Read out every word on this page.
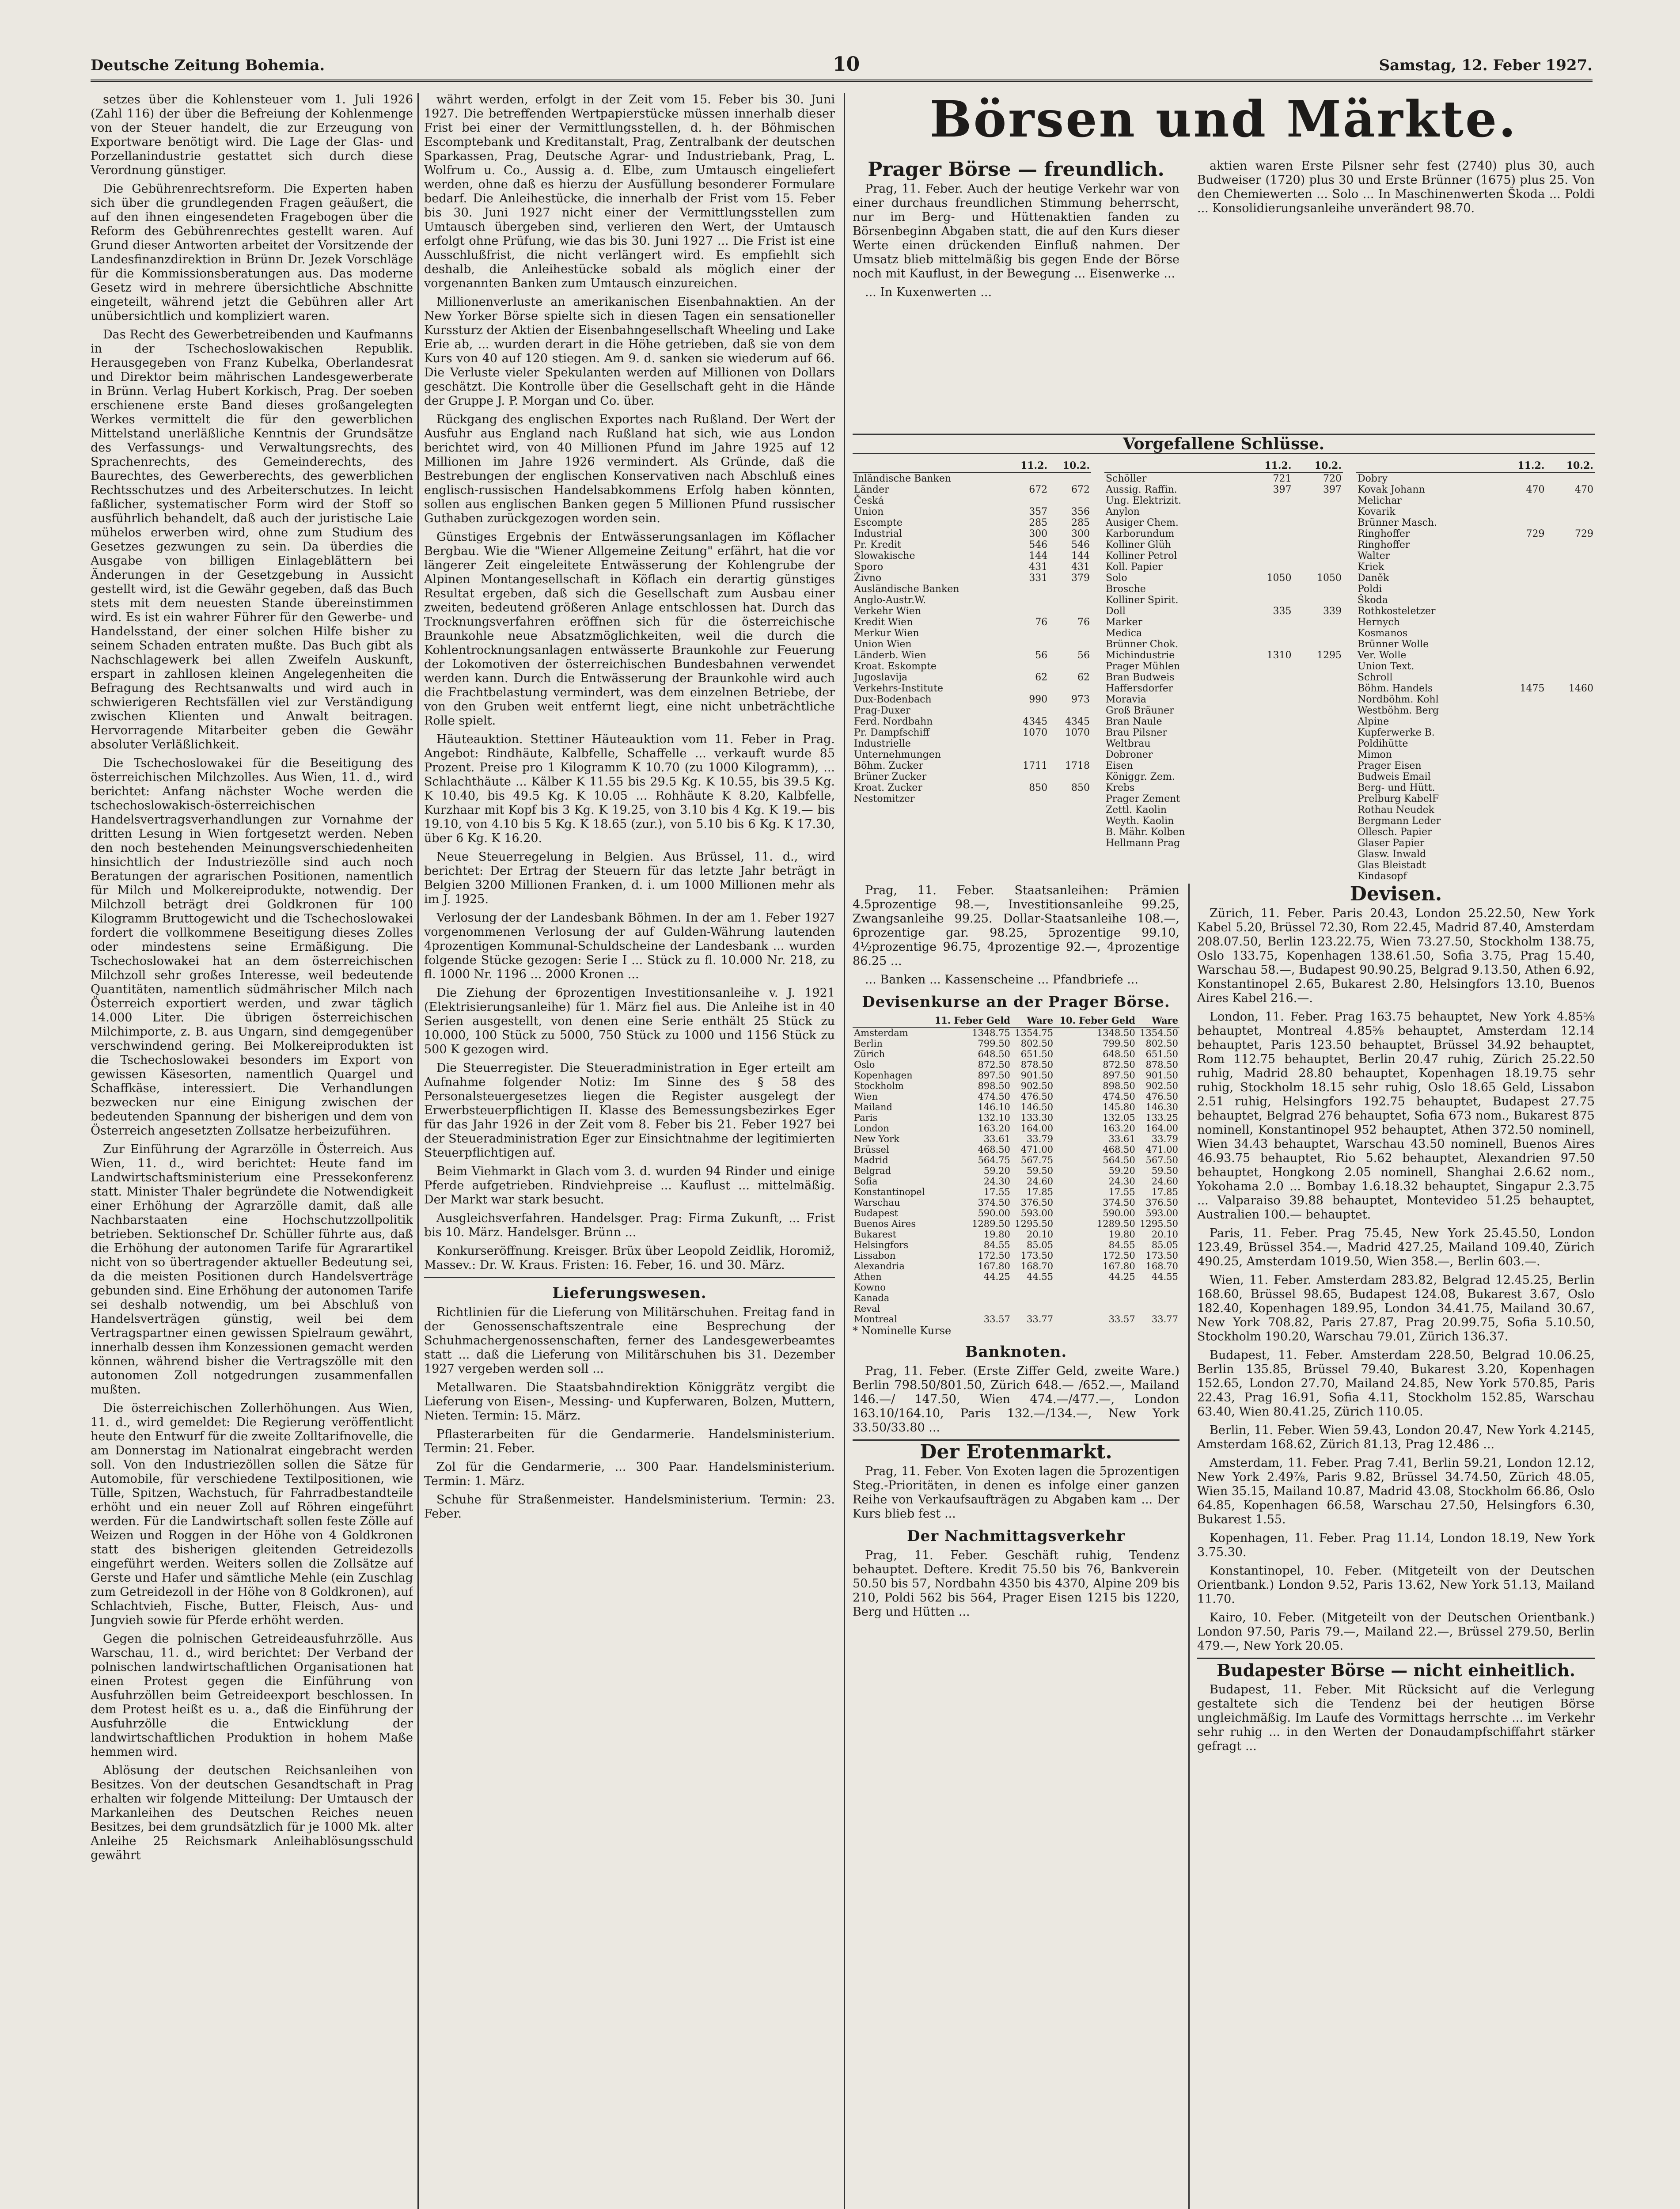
Deutsche Zeitung Bohemia.	10	Samstag, 12. Feber 1927.

setzes über die Kohlensteuer vom 1. Juli 1926 (Zahl 116) der über die Befreiung der Kohlenmenge von der Steuer handelt, die zur Erzeugung von Exportware benötigt wird. Die Lage der Glas- und Porzellanindustrie gestattet sich durch diese Verordnung günstiger.

Die Gebührenrechtsreform. Die Experten haben sich über die grundlegenden Fragen geäußert, die auf den ihnen eingesendeten Fragebogen über die Reform des Gebührenrechtes gestellt waren. Auf Grund dieser Antworten arbeitet der Vorsitzende der Landesfinanzdirektion in Brünn Dr. Jezek Vorschläge für die Kommissionsberatungen aus. Das moderne Gesetz wird in mehrere übersichtliche Abschnitte eingeteilt, während jetzt die Gebühren aller Art unübersichtlich und kompliziert waren.

Das Recht des Gewerbetreibenden und Kaufmanns in der Tschechoslowakischen Republik. Herausgegeben von Franz Kubelka, Oberlandesrat und Direktor beim mährischen Landesgewerberate in Brünn. Verlag Hubert Korkisch, Prag. Der soeben erschienene erste Band dieses großangelegten Werkes vermittelt die für den gewerblichen Mittelstand unerläßliche Kenntnis der Grundsätze des Verfassungs- und Verwaltungsrechts, des Sprachenrechts, des Gemeinderechts, des Baurechtes, des Gewerberechts, des gewerblichen Rechtsschutzes und des Arbeiterschutzes. In leicht faßlicher, systematischer Form wird der Stoff so ausführlich behandelt, daß auch der juristische Laie mühelos erwerben wird, ohne zum Studium des Gesetzes gezwungen zu sein. Da überdies die Ausgabe von billigen Einlageblättern bei Änderungen in der Gesetzgebung in Aussicht gestellt wird, ist die Gewähr gegeben, daß das Buch stets mit dem neuesten Stande übereinstimmen wird. Es ist ein wahrer Führer für den Gewerbe- und Handelsstand, der einer solchen Hilfe bisher zu seinem Schaden entraten mußte. Das Buch gibt als Nachschlagewerk bei allen Zweifeln Auskunft, erspart in zahllosen kleinen Angelegenheiten die Befragung des Rechtsanwalts und wird auch in schwierigeren Rechtsfällen viel zur Verständigung zwischen Klienten und Anwalt beitragen. Hervorragende Mitarbeiter geben die Gewähr absoluter Verläßlichkeit.

Die Tschechoslowakei für die Beseitigung des österreichischen Milchzolles. Aus Wien, 11. d., wird berichtet: Anfang nächster Woche werden die tschechoslowakisch-österreichischen Handelsvertragsverhandlungen zur Vornahme der dritten Lesung in Wien fortgesetzt werden. Neben den noch bestehenden Meinungsverschiedenheiten hinsichtlich der Industriezölle sind auch noch Beratungen der agrarischen Positionen, namentlich für Milch und Molkereiprodukte, notwendig. Der Milchzoll beträgt drei Goldkronen für 100 Kilogramm Bruttogewicht und die Tschechoslowakei fordert die vollkommene Beseitigung dieses Zolles oder mindestens seine Ermäßigung. Die Tschechoslowakei hat an dem österreichischen Milchzoll sehr großes Interesse, weil bedeutende Quantitäten, namentlich südmährischer Milch nach Österreich exportiert werden, und zwar täglich 14.000 Liter. Die übrigen österreichischen Milchimporte, z. B. aus Ungarn, sind demgegenüber verschwindend gering. Bei Molkereiprodukten ist die Tschechoslowakei besonders im Export von gewissen Käsesorten, namentlich Quargel und Schaffkäse, interessiert. Die Verhandlungen bezwecken nur eine Einigung zwischen der bedeutenden Spannung der bisherigen und dem von Österreich angesetzten Zollsatze herbeizuführen.

Zur Einführung der Agrarzölle in Österreich. Aus Wien, 11. d., wird berichtet: Heute fand im Landwirtschaftsministerium eine Pressekonferenz statt. Minister Thaler begründete die Notwendigkeit einer Erhöhung der Agrarzölle damit, daß alle Nachbarstaaten eine Hochschutzzollpolitik betrieben. Sektionschef Dr. Schüller führte aus, daß die Erhöhung der autonomen Tarife für Agrarartikel nicht von so übertragender aktueller Bedeutung sei, da die meisten Positionen durch Handelsverträge gebunden sind. Eine Erhöhung der autonomen Tarife sei deshalb notwendig, um bei Abschluß von Handelsverträgen günstig, weil bei dem Vertragspartner einen gewissen Spielraum gewährt, innerhalb dessen ihm Konzessionen gemacht werden können, während bisher die Vertragszölle mit den autonomen Zoll notgedrungen zusammenfallen mußten.

Die österreichischen Zollerhöhungen. Aus Wien, 11. d., wird gemeldet: Die Regierung veröffentlicht heute den Entwurf für die zweite Zolltarifnovelle, die am Donnerstag im Nationalrat eingebracht werden soll. Von den Industriezöllen sollen die Sätze für Automobile, für verschiedene Textilpositionen, wie Tülle, Spitzen, Wachstuch, für Fahrradbestandteile erhöht und ein neuer Zoll auf Röhren eingeführt werden. Für die Landwirtschaft sollen feste Zölle auf Weizen und Roggen in der Höhe von 4 Goldkronen statt des bisherigen gleitenden Getreidezolls eingeführt werden. Weiters sollen die Zollsätze auf Gerste und Hafer und sämtliche Mehle (ein Zuschlag zum Getreidezoll in der Höhe von 8 Goldkronen), auf Schlachtvieh, Fische, Butter, Fleisch, Aus- und Jungvieh sowie für Pferde erhöht werden.

Gegen die polnischen Getreideausfuhrzölle. Aus Warschau, 11. d., wird berichtet: Der Verband der polnischen landwirtschaftlichen Organisationen hat einen Protest gegen die Einführung von Ausfuhrzöllen beim Getreideexport beschlossen. In dem Protest heißt es u. a., daß die Einführung der Ausfuhrzölle die Entwicklung der landwirtschaftlichen Produktion in hohem Maße hemmen wird.

Ablösung der deutschen Reichsanleihen von Besitzes. Von der deutschen Gesandtschaft in Prag erhalten wir folgende Mitteilung: Der Umtausch der Markanleihen des Deutschen Reiches neuen Besitzes, bei dem grundsätzlich für je 1000 Mk. alter Anleihe 25 Reichsmark Anleihablösungsschuld gewährt

währt werden, erfolgt in der Zeit vom 15. Feber bis 30. Juni 1927. Die betreffenden Wertpapierstücke müssen innerhalb dieser Frist bei einer der Vermittlungsstellen, d. h. der Böhmischen Escomptebank und Kreditanstalt, Prag, Zentralbank der deutschen Sparkassen, Prag, Deutsche Agrar- und Industriebank, Prag, L. Wolfrum u. Co., Aussig a. d. Elbe, zum Umtausch eingeliefert werden, ohne daß es hierzu der Ausfüllung besonderer Formulare bedarf. Die Anleihestücke, die innerhalb der Frist vom 15. Feber bis 30. Juni 1927 nicht einer der Vermittlungsstellen zum Umtausch übergeben sind, verlieren den Wert, der Umtausch erfolgt ohne Prüfung, wie das bis 30. Juni 1927 ... Die Frist ist eine Ausschlußfrist, die nicht verlängert wird. Es empfiehlt sich deshalb, die Anleihestücke sobald als möglich einer der vorgenannten Banken zum Umtausch einzureichen.

Millionenverluste an amerikanischen Eisenbahnaktien. An der New Yorker Börse spielte sich in diesen Tagen ein sensationeller Kurssturz der Aktien der Eisenbahngesellschaft Wheeling und Lake Erie ab, ... wurden derart in die Höhe getrieben, daß sie von dem Kurs von 40 auf 120 stiegen. Am 9. d. sanken sie wiederum auf 66. Die Verluste vieler Spekulanten werden auf Millionen von Dollars geschätzt. Die Kontrolle über die Gesellschaft geht in die Hände der Gruppe J. P. Morgan und Co. über.

Rückgang des englischen Exportes nach Rußland. Der Wert der Ausfuhr aus England nach Rußland hat sich, wie aus London berichtet wird, von 40 Millionen Pfund im Jahre 1925 auf 12 Millionen im Jahre 1926 vermindert. Als Gründe, daß die Bestrebungen der englischen Konservativen nach Abschluß eines englisch-russischen Handelsabkommens Erfolg haben könnten, sollen aus englischen Banken gegen 5 Millionen Pfund russischer Guthaben zurückgezogen worden sein.

Günstiges Ergebnis der Entwässerungsanlagen im Köflacher Bergbau. Wie die "Wiener Allgemeine Zeitung" erfährt, hat die vor längerer Zeit eingeleitete Entwässerung der Kohlengrube der Alpinen Montangesellschaft in Köflach ein derartig günstiges Resultat ergeben, daß sich die Gesellschaft zum Ausbau einer zweiten, bedeutend größeren Anlage entschlossen hat. Durch das Trocknungsverfahren eröffnen sich für die österreichische Braunkohle neue Absatzmöglichkeiten, weil die durch die Kohlentrocknungsanlagen entwässerte Braunkohle zur Feuerung der Lokomotiven der österreichischen Bundesbahnen verwendet werden kann. Durch die Entwässerung der Braunkohle wird auch die Frachtbelastung vermindert, was dem einzelnen Betriebe, der von den Gruben weit entfernt liegt, eine nicht unbeträchtliche Rolle spielt.

Häuteauktion. Stettiner Häuteauktion vom 11. Feber in Prag. Angebot: Rindhäute, Kalbfelle, Schaffelle ... verkauft wurde 85 Prozent. Preise pro 1 Kilogramm K 10.70 (zu 1000 Kilogramm), ... Schlachthäute ... Kälber K 11.55 bis 29.5 Kg. K 10.55, bis 39.5 Kg. K 10.40, bis 49.5 Kg. K 10.05 ... Rohhäute K 8.20, Kalbfelle, Kurzhaar mit Kopf bis 3 Kg. K 19.25, von 3.10 bis 4 Kg. K 19.— bis 19.10, von 4.10 bis 5 Kg. K 18.65 (zur.), von 5.10 bis 6 Kg. K 17.30, über 6 Kg. K 16.20.

Neue Steuerregelung in Belgien. Aus Brüssel, 11. d., wird berichtet: Der Ertrag der Steuern für das letzte Jahr beträgt in Belgien 3200 Millionen Franken, d. i. um 1000 Millionen mehr als im J. 1925.

Verlosung der der Landesbank Böhmen. In der am 1. Feber 1927 vorgenommenen Verlosung der auf Gulden-Währung lautenden 4prozentigen Kommunal-Schuldscheine der Landesbank ... wurden folgende Stücke gezogen: Serie I ... Stück zu fl. 10.000 Nr. 218, zu fl. 1000 Nr. 1196 ... 2000 Kronen ...

Die Ziehung der 6prozentigen Investitionsanleihe v. J. 1921 (Elektrisierungsanleihe) für 1. März fiel aus. Die Anleihe ist in 40 Serien ausgestellt, von denen eine Serie enthält 25 Stück zu 10.000, 100 Stück zu 5000, 750 Stück zu 1000 und 1156 Stück zu 500 K gezogen wird.

Die Steuerregister. Die Steueradministration in Eger erteilt am Aufnahme folgender Notiz: Im Sinne des § 58 des Personalsteuergesetzes liegen die Register ausgelegt der Erwerbsteuerpflichtigen II. Klasse des Bemessungsbezirkes Eger für das Jahr 1926 in der Zeit vom 8. Feber bis 21. Feber 1927 bei der Steueradministration Eger zur Einsichtnahme der legitimierten Steuerpflichtigen auf.

Beim Viehmarkt in Glach vom 3. d. wurden 94 Rinder und einige Pferde aufgetrieben. Rindviehpreise ... Kauflust ... mittelmäßig. Der Markt war stark besucht.

Ausgleichsverfahren. Handelsger. Prag: Firma Zukunft, ... Frist bis 10. März. Handelsger. Brünn ...

Konkurseröffnung. Kreisger. Brüx über Leopold Zeidlik, Horomiž, Massev.: Dr. W. Kraus. Fristen: 16. Feber, 16. und 30. März.

Lieferungswesen.

Richtlinien für die Lieferung von Militärschuhen. Freitag fand in der Genossenschaftszentrale eine Besprechung der Schuhmachergenossenschaften, ferner des Landesgewerbeamtes statt ... daß die Lieferung von Militärschuhen bis 31. Dezember 1927 vergeben werden soll ...

Metallwaren. Die Staatsbahndirektion Königgrätz vergibt die Lieferung von Eisen-, Messing- und Kupferwaren, Bolzen, Muttern, Nieten. Termin: 15. März.

Pflasterarbeiten für die Gendarmerie. Handelsministerium. Termin: 21. Feber.

Zol für die Gendarmerie, ... 300 Paar. Handelsministerium. Termin: 1. März.

Schuhe für Straßenmeister. Handelsministerium. Termin: 23. Feber.

Börsen und Märkte.
Prager Börse — freundlich.

Prag, 11. Feber. Auch der heutige Verkehr war von einer durchaus freundlichen Stimmung beherrscht, nur im Berg- und Hüttenaktien fanden zu Börsenbeginn Abgaben statt, die auf den Kurs dieser Werte einen drückenden Einfluß nahmen. Der Umsatz blieb mittelmäßig bis gegen Ende der Börse noch mit Kauflust, in der Bewegung ... Eisenwerke ...

... In Kuxenwerten ...

aktien waren Erste Pilsner sehr fest (2740) plus 30, auch Budweiser (1720) plus 30 und Erste Brünner (1675) plus 25. Von den Chemiewerten ... Solo ... In Maschinenwerten Škoda ... Poldi ... Konsolidierungsanleihe unverändert 98.70.

Vorgefallene Schlüsse.
	11.2.	10.2.
Inländische Banken		
Länder	672	672
Česká		
Union	357	356
Escompte	285	285
Industrial	300	300
Pr. Kredit	546	546
Slowakische	144	144
Sporo	431	431
Živno	331	379
Ausländische Banken		
Anglo-Austr.W.		
Verkehr Wien		
Kredit Wien	76	76
Merkur Wien		
Union Wien		
Länderb. Wien	56	56
Kroat. Eskompte		
Jugoslavija	62	62
Verkehrs-Institute		
Dux-Bodenbach	990	973
Prag-Duxer		
Ferd. Nordbahn	4345	4345
Pr. Dampfschiff	1070	1070
Industrielle		
Unternehmungen		
Böhm. Zucker	1711	1718
Brüner Zucker		
Kroat. Zucker	850	850
Nestomitzer		
	11.2.	10.2.
Schöller	721	720
Aussig. Raffin.	397	397
Ung. Elektrizit.		
Anylon		
Ausiger Chem.		
Karborundum		
Kolliner Glüh		
Kolliner Petrol		
Koll. Papier		
Solo	1050	1050
Brosche		
Kolliner Spirit.		
Doll	335	339
Marker		
Medica		
Brünner Chok.		
Michindustrie	1310	1295
Prager Mühlen		
Bran Budweis		
Haffersdorfer		
Moravia		
Groß Bräuner		
Bran Naule		
Brau Pilsner		
Weltbrau		
Dobroner		
Eisen		
Königgr. Zem.		
Krebs		
Prager Zement		
Zettl. Kaolin		
Weyth. Kaolin		
B. Mähr. Kolben		
Hellmann Prag		
	11.2.	10.2.
Dobry		
Kovak Johann	470	470
Melichar		
Kovarik		
Brünner Masch.		
Ringhoffer	729	729
Ringhoffer		
Walter		
Kriek		
Daněk		
Poldi		
Škoda		
Rothkosteletzer		
Hernych		
Kosmanos		
Brünner Wolle		
Ver. Wolle		
Union Text.		
Schroll		
Böhm. Handels	1475	1460
Nordböhm. Kohl		
Westböhm. Berg		
Alpine		
Kupferwerke B.		
Poldihütte		
Mimon		
Prager Eisen		
Budweis Email		
Berg- und Hütt.		
Prelburg KabelF		
Rothau Neudek		
Bergmann Leder		
Ollesch. Papier		
Glaser Papier		
Glasw. Inwald		
Glas Bleistadt		
Kindasopf		

Prag, 11. Feber. Staatsanleihen: Prämien 4.5prozentige 98.—, Investitionsanleihe 99.25, Zwangsanleihe 99.25. Dollar-Staatsanleihe 108.—, 6prozentige gar. 98.25, 5prozentige 99.10, 4½prozentige 96.75, 4prozentige 92.—, 4prozentige 86.25 ...

... Banken ... Kassenscheine ... Pfandbriefe ...

Devisenkurse an der Prager Börse.
	11. Feber Geld	Ware	10. Feber Geld	Ware
Amsterdam	1348.75	1354.75	1348.50	1354.50
Berlin	799.50	802.50	799.50	802.50
Zürich	648.50	651.50	648.50	651.50
Oslo	872.50	878.50	872.50	878.50
Kopenhagen	897.50	901.50	897.50	901.50
Stockholm	898.50	902.50	898.50	902.50
Wien	474.50	476.50	474.50	476.50
Mailand	146.10	146.50	145.80	146.30
Paris	132.10	133.30	132.05	133.25
London	163.20	164.00	163.20	164.00
New York	33.61	33.79	33.61	33.79
Brüssel	468.50	471.00	468.50	471.00
Madrid	564.75	567.75	564.50	567.50
Belgrad	59.20	59.50	59.20	59.50
Sofia	24.30	24.60	24.30	24.60
Konstantinopel	17.55	17.85	17.55	17.85
Warschau	374.50	376.50	374.50	376.50
Budapest	590.00	593.00	590.00	593.00
Buenos Aires	1289.50	1295.50	1289.50	1295.50
Bukarest	19.80	20.10	19.80	20.10
Helsingfors	84.55	85.05	84.55	85.05
Lissabon	172.50	173.50	172.50	173.50
Alexandria	167.80	168.70	167.80	168.70
Athen	44.25	44.55	44.25	44.55
Kowno				
Kanada				
Reval				
Montreal	33.57	33.77	33.57	33.77
* Nominelle Kurse
Banknoten.

Prag, 11. Feber. (Erste Ziffer Geld, zweite Ware.) Berlin 798.50/801.50, Zürich 648.— /652.—, Mailand 146.—/ 147.50, Wien 474.—/477.—, London 163.10/164.10, Paris 132.—/134.—, New York 33.50/33.80 ...

Der Erotenmarkt.

Prag, 11. Feber. Von Exoten lagen die 5prozentigen Steg.-Prioritäten, in denen es infolge einer ganzen Reihe von Verkaufsaufträgen zu Abgaben kam ... Der Kurs blieb fest ...

Der Nachmittagsverkehr

Prag, 11. Feber. Geschäft ruhig, Tendenz behauptet. Deftere. Kredit 75.50 bis 76, Bankverein 50.50 bis 57, Nordbahn 4350 bis 4370, Alpine 209 bis 210, Poldi 562 bis 564, Prager Eisen 1215 bis 1220, Berg und Hütten ...

Devisen.

Zürich, 11. Feber. Paris 20.43, London 25.22.50, New York Kabel 5.20, Brüssel 72.30, Rom 22.45, Madrid 87.40, Amsterdam 208.07.50, Berlin 123.22.75, Wien 73.27.50, Stockholm 138.75, Oslo 133.75, Kopenhagen 138.61.50, Sofia 3.75, Prag 15.40, Warschau 58.—, Budapest 90.90.25, Belgrad 9.13.50, Athen 6.92, Konstantinopel 2.65, Bukarest 2.80, Helsingfors 13.10, Buenos Aires Kabel 216.—.

London, 11. Feber. Prag 163.75 behauptet, New York 4.85⅝ behauptet, Montreal 4.85⅝ behauptet, Amsterdam 12.14 behauptet, Paris 123.50 behauptet, Brüssel 34.92 behauptet, Rom 112.75 behauptet, Berlin 20.47 ruhig, Zürich 25.22.50 ruhig, Madrid 28.80 behauptet, Kopenhagen 18.19.75 sehr ruhig, Stockholm 18.15 sehr ruhig, Oslo 18.65 Geld, Lissabon 2.51 ruhig, Helsingfors 192.75 behauptet, Budapest 27.75 behauptet, Belgrad 276 behauptet, Sofia 673 nom., Bukarest 875 nominell, Konstantinopel 952 behauptet, Athen 372.50 nominell, Wien 34.43 behauptet, Warschau 43.50 nominell, Buenos Aires 46.93.75 behauptet, Rio 5.62 behauptet, Alexandrien 97.50 behauptet, Hongkong 2.05 nominell, Shanghai 2.6.62 nom., Yokohama 2.0 ... Bombay 1.6.18.32 behauptet, Singapur 2.3.75 ... Valparaiso 39.88 behauptet, Montevideo 51.25 behauptet, Australien 100.— behauptet.

Paris, 11. Feber. Prag 75.45, New York 25.45.50, London 123.49, Brüssel 354.—, Madrid 427.25, Mailand 109.40, Zürich 490.25, Amsterdam 1019.50, Wien 358.—, Berlin 603.—.

Wien, 11. Feber. Amsterdam 283.82, Belgrad 12.45.25, Berlin 168.60, Brüssel 98.65, Budapest 124.08, Bukarest 3.67, Oslo 182.40, Kopenhagen 189.95, London 34.41.75, Mailand 30.67, New York 708.82, Paris 27.87, Prag 20.99.75, Sofia 5.10.50, Stockholm 190.20, Warschau 79.01, Zürich 136.37.

Budapest, 11. Feber. Amsterdam 228.50, Belgrad 10.06.25, Berlin 135.85, Brüssel 79.40, Bukarest 3.20, Kopenhagen 152.65, London 27.70, Mailand 24.85, New York 570.85, Paris 22.43, Prag 16.91, Sofia 4.11, Stockholm 152.85, Warschau 63.40, Wien 80.41.25, Zürich 110.05.

Berlin, 11. Feber. Wien 59.43, London 20.47, New York 4.2145, Amsterdam 168.62, Zürich 81.13, Prag 12.486 ...

Amsterdam, 11. Feber. Prag 7.41, Berlin 59.21, London 12.12, New York 2.49⅞, Paris 9.82, Brüssel 34.74.50, Zürich 48.05, Wien 35.15, Mailand 10.87, Madrid 43.08, Stockholm 66.86, Oslo 64.85, Kopenhagen 66.58, Warschau 27.50, Helsingfors 6.30, Bukarest 1.55.

Kopenhagen, 11. Feber. Prag 11.14, London 18.19, New York 3.75.30.

Konstantinopel, 10. Feber. (Mitgeteilt von der Deutschen Orientbank.) London 9.52, Paris 13.62, New York 51.13, Mailand 11.70.

Kairo, 10. Feber. (Mitgeteilt von der Deutschen Orientbank.) London 97.50, Paris 79.—, Mailand 22.—, Brüssel 279.50, Berlin 479.—, New York 20.05.

Budapester Börse — nicht einheitlich.

Budapest, 11. Feber. Mit Rücksicht auf die Verlegung gestaltete sich die Tendenz bei der heutigen Börse ungleichmäßig. Im Laufe des Vormittags herrschte ... im Verkehr sehr ruhig ... in den Werten der Donaudampfschiffahrt stärker gefragt ...
